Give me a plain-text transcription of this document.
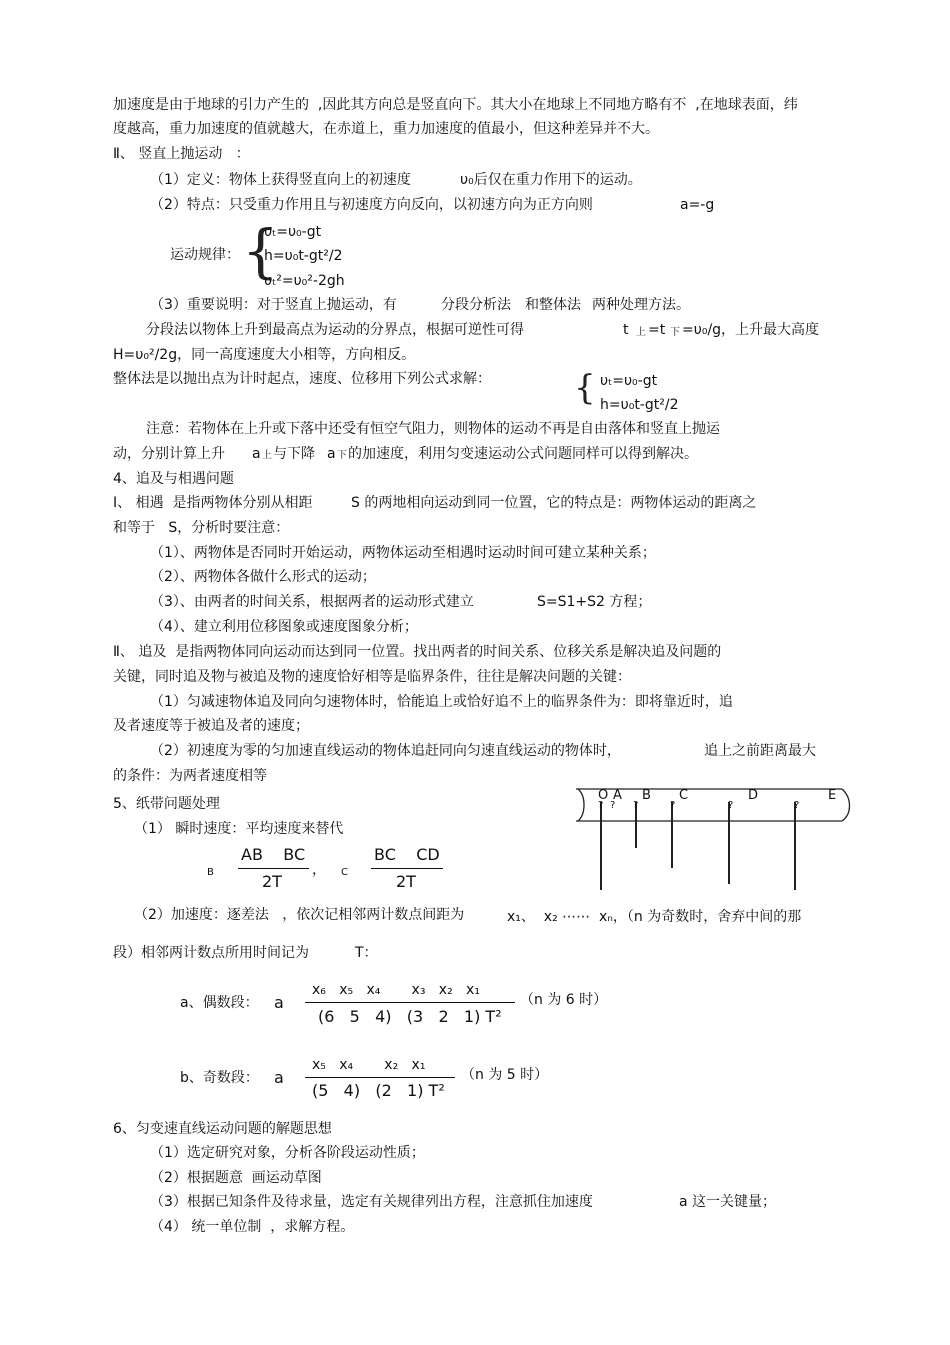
加速度是由于地球的引力产生的  ,因此其方向总是竖直向下。其大小在地球上不同地方略有不  ,在地球表面，纬
度越高，重力加速度的值就越大，在赤道上，重力加速度的值最小，但这种差异并不大。
Ⅱ、 竖直上抛运动   ：
（1）定义：物体上获得竖直向上的初速度	υ₀后仅在重力作用下的运动。
（2）特点：只受重力作用且与初速度方向反向，以初速方向为正方向则	a=-g
运动规律： {
υₜ=υ₀-gt
h=υ₀t-gt²/2
υₜ²=υ₀²-2gh
（3）重要说明：对于竖直上抛运动，有	分段分析法 和整体法 两种处理方法。
分段法以物体上升到最高点为运动的分界点，根据可逆性可得	t 上 =t 下 =υ₀/g，上升最大高度
H=υ₀²/2g，同一高度速度大小相等，方向相反。
整体法是以抛出点为计时起点，速度、位移用下列公式求解： { υₜ=υ₀-gt
h=υ₀t-gt²/2
注意：若物体在上升或下落中还受有恒空气阻力，则物体的运动不再是自由落体和竖直上抛运
动，分别计算上升 a 上 与下降 a 下 的加速度，利用匀变速运动公式问题同样可以得到解决。
4、追及与相遇问题
Ⅰ、 相遇  是指两物体分别从相距	S 的两地相向运动到同一位置，它的特点是：两物体运动的距离之
和等于   S，分析时要注意：
（1）、两物体是否同时开始运动，两物体运动至相遇时运动时间可建立某种关系；
（2）、两物体各做什么形式的运动；
（3）、由两者的时间关系，根据两者的运动形式建立	S=S1+S2 方程；
（4）、建立利用位移图象或速度图象分析；
Ⅱ、 追及  是指两物体同向运动而达到同一位置。找出两者的时间关系、位移关系是解决追及问题的
关键，同时追及物与被追及物的速度恰好相等是临界条件，往往是解决问题的关键：
（1）匀减速物体追及同向匀速物体时，恰能追上或恰好追不上的临界条件为：即将靠近时，追
及者速度等于被追及者的速度；
（2）初速度为零的匀加速直线运动的物体追赶同向匀速直线运动的物体时，	追上之前距离最大
的条件：为两者速度相等
5、纸带问题处理
O A B C	D	E
? ? ?	?	?	?
（1） 瞬时速度：平均速度来替代
B
AB    BC
2T
， C
BC    CD
2T
（2）加速度：逐差法   ，依次记相邻两计数点间距为	x₁、  x₂ ⋯⋯  xₙ，（n 为奇数时，舍弃中间的那
段）相邻两计数点所用时间记为	T：
a、偶数段： a
x₆   x₅   x₄       x₃   x₂   x₁
(6   5   4)   (3   2   1) T²
（n 为 6 时）
b、奇数段： a
x₅   x₄       x₂   x₁
(5   4)   (2   1) T²
（n 为 5 时）
6、匀变速直线运动问题的解题思想
（1）选定研究对象，分析各阶段运动性质；
（2）根据题意  画运动草图
（3）根据已知条件及待求量，选定有关规律列出方程，注意抓住加速度	a 这一关键量；
（4） 统一单位制  ，求解方程。
